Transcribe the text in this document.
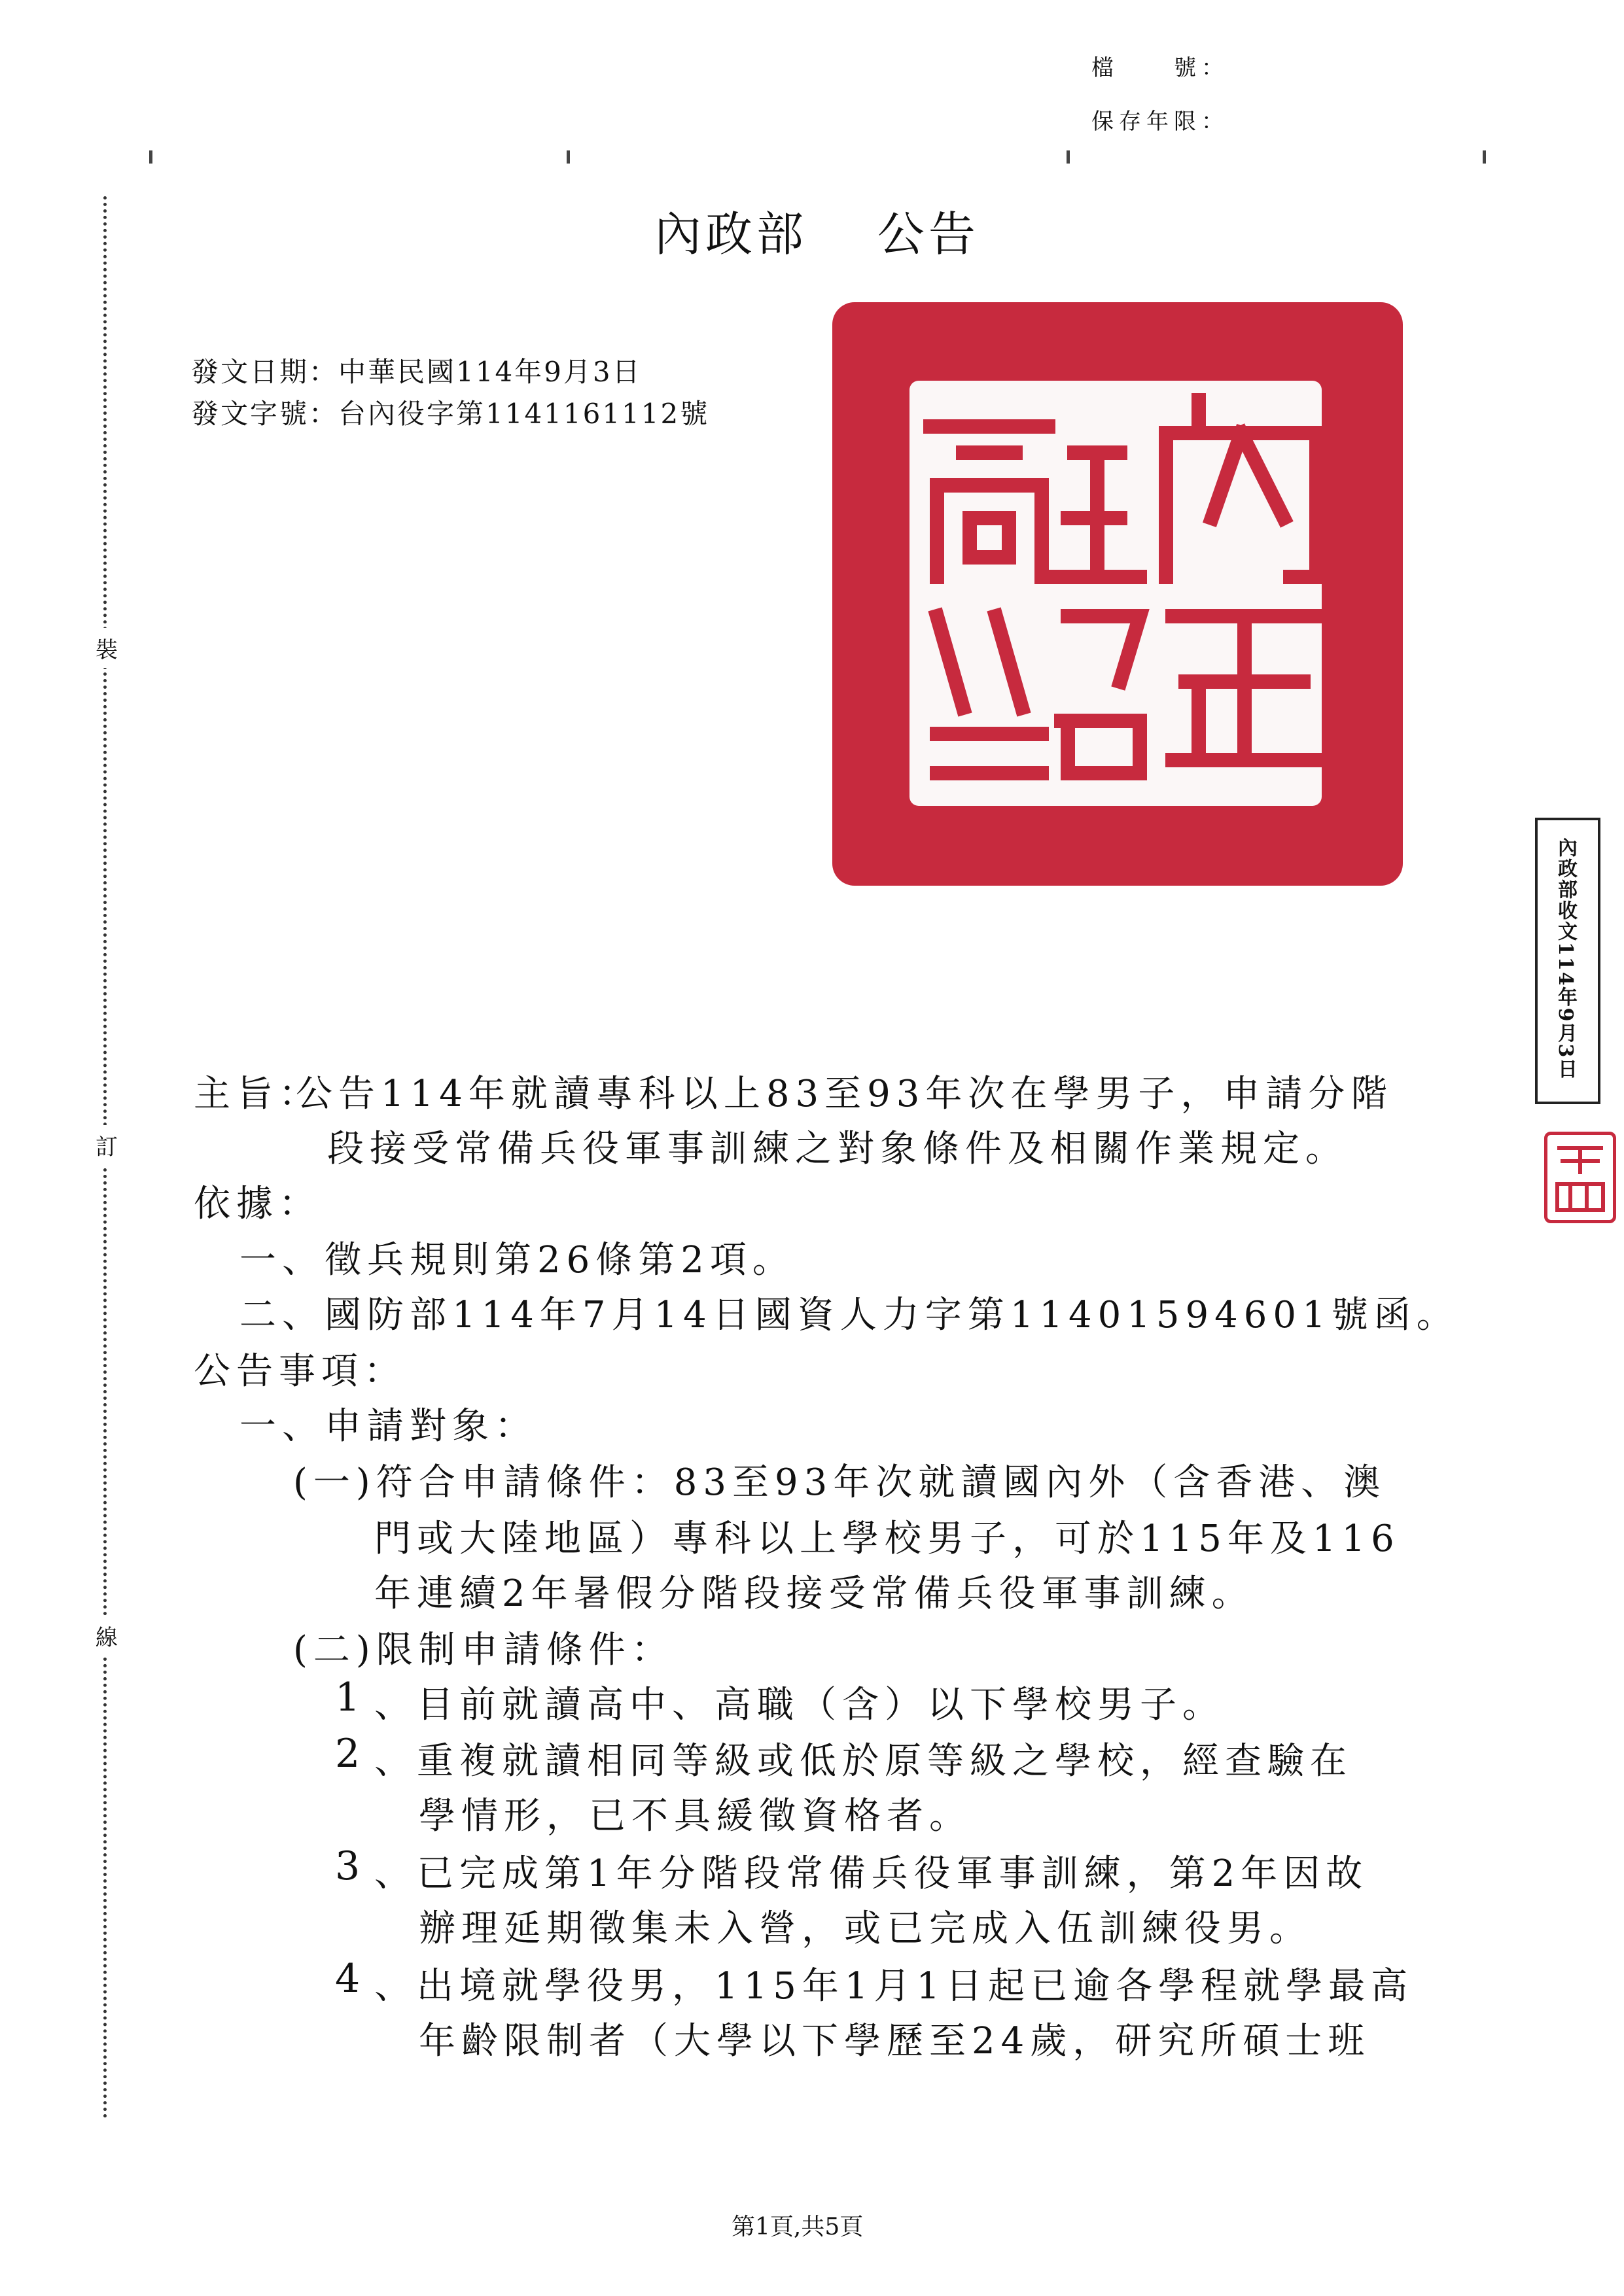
檔　　號：
保存年限：
裝
訂
線
內政部　 公告
發文日期：中華民國114年9月3日
發文字號：台內役字第1141161112號
內政部收文114年9月3日
主旨：
公告114年就讀專科以上83至93年次在學男子，申請分階
段接受常備兵役軍事訓練之對象條件及相關作業規定。
依據：
一、徵兵規則第26條第2項。
二、國防部114年7月14日國資人力字第11401594601號函。
公告事項：
一、申請對象：
(一)符合申請條件：83至93年次就讀國內外（含香港、澳
門或大陸地區）專科以上學校男子，可於115年及116
年連續2年暑假分階段接受常備兵役軍事訓練。
(二)限制申請條件：
1 、目前就讀高中、高職（含）以下學校男子。
2 、重複就讀相同等級或低於原等級之學校，經查驗在
學情形，已不具緩徵資格者。
3 、已完成第1年分階段常備兵役軍事訓練，第2年因故
辦理延期徵集未入營，或已完成入伍訓練役男。
4 、出境就學役男，115年1月1日起已逾各學程就學最高
年齡限制者（大學以下學歷至24歲，研究所碩士班
第1頁,共5頁
